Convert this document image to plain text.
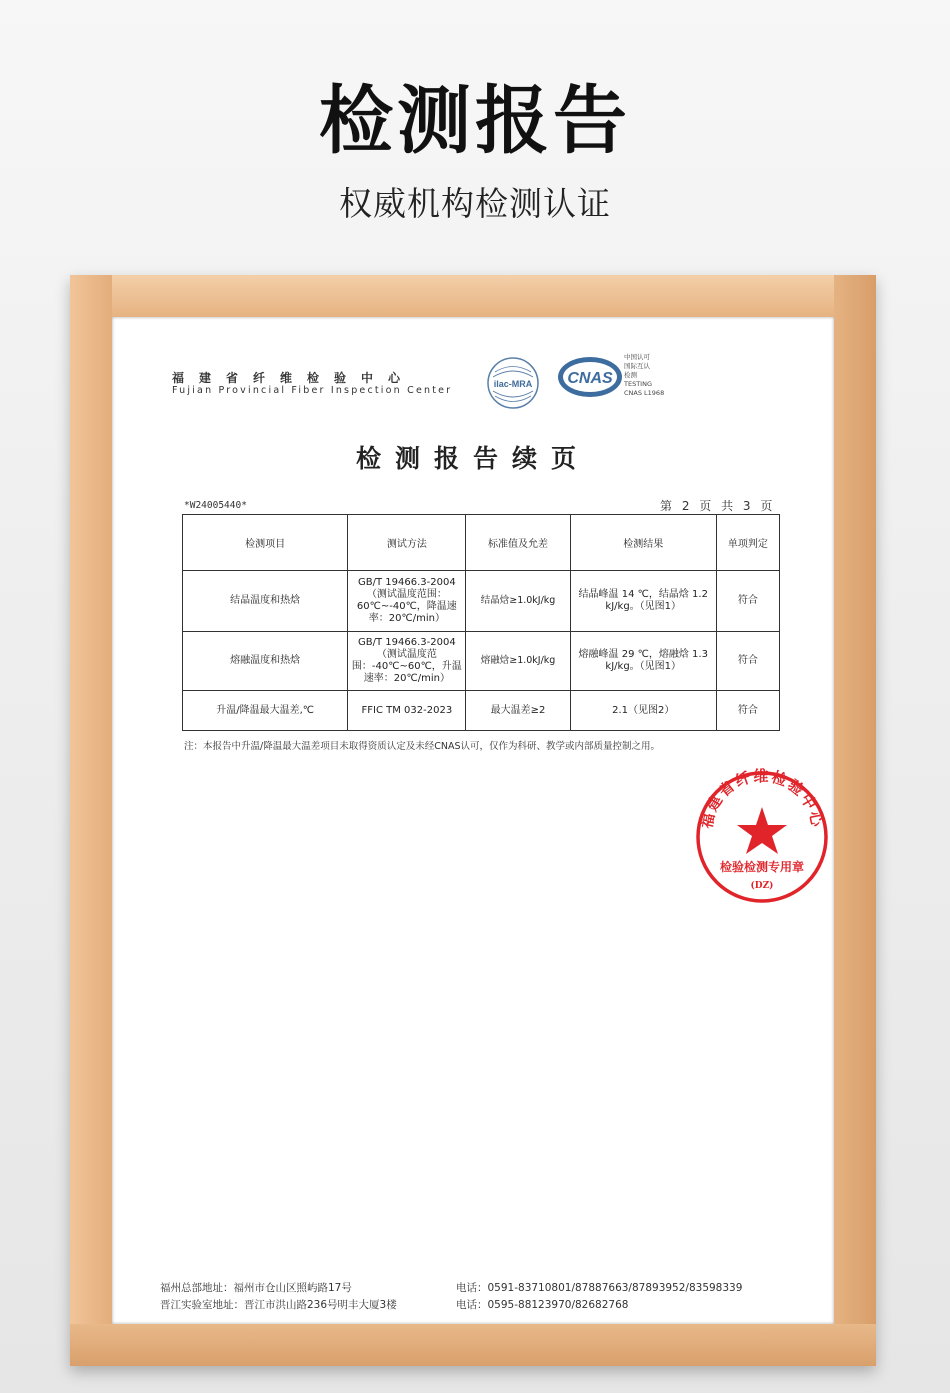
检测报告
权威机构检测认证
福建省纤维检验中心
Fujian Provincial Fiber Inspection Center
ilac-MRA CNAS
中国认可
国际互认
检测
TESTING
CNAS L1968
检测报告续页
*W24005440*	第 2 页 共 3 页
检测项目	测试方法	标准值及允差	检测结果	单项判定
结晶温度和热焓	GB/T 19466.3-2004（测试温度范围：60℃~-40℃，降温速率：20℃/min）	结晶焓≥1.0kJ/kg	结晶峰温 14 ℃，结晶焓 1.2 kJ/kg。（见图1）	符合
熔融温度和热焓	GB/T 19466.3-2004（测试温度范围：-40℃~60℃，升温速率：20℃/min）	熔融焓≥1.0kJ/kg	熔融峰温 29 ℃，熔融焓 1.3 kJ/kg。（见图1）	符合
升温/降温最大温差,℃	FFIC TM 032-2023	最大温差≥2	2.1（见图2）	符合
注：本报告中升温/降温最大温差项目未取得资质认定及未经CNAS认可，仅作为科研、教学或内部质量控制之用。
福建省纤维检验中心
检验检测专用章
(DZ)
福州总部地址：福州市仓山区照屿路17号	电话：0591-83710801/87887663/87893952/83598339
晋江实验室地址：晋江市洪山路236号明丰大厦3楼	电话：0595-88123970/82682768
